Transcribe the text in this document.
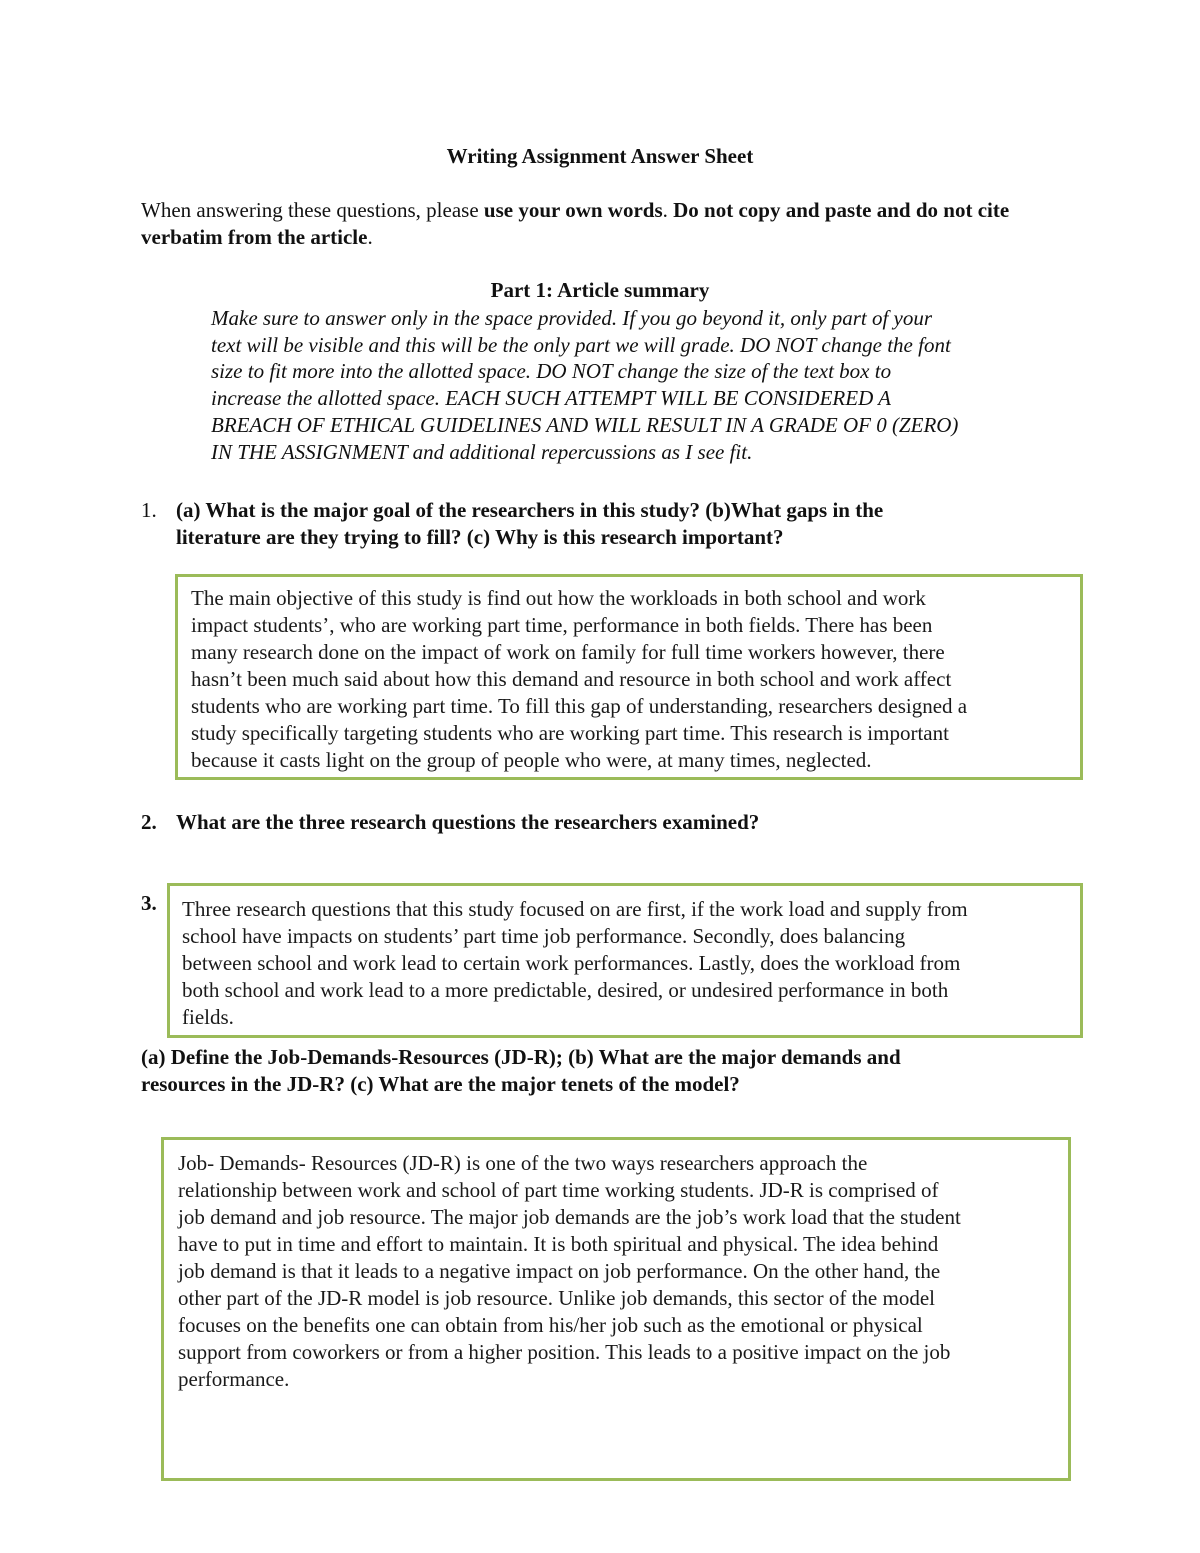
Writing Assignment Answer Sheet
When answering these questions, please use your own words. Do not copy and paste and do not cite verbatim from the article.
Part 1: Article summary
Make sure to answer only in the space provided. If you go beyond it, only part of your
text will be visible and this will be the only part we will grade. DO NOT change the font
size to fit more into the allotted space. DO NOT change the size of the text box to
increase the allotted space. EACH SUCH ATTEMPT WILL BE CONSIDERED A
BREACH OF ETHICAL GUIDELINES AND WILL RESULT IN A GRADE OF 0 (ZERO)
IN THE ASSIGNMENT and additional repercussions as I see fit.
1. (a) What is the major goal of the researchers in this study? (b)What gaps in the
literature are they trying to fill? (c) Why is this research important?
The main objective of this study is find out how the workloads in both school and work
impact students’, who are working part time, performance in both fields. There has been
many research done on the impact of work on family for full time workers however, there
hasn’t been much said about how this demand and resource in both school and work affect
students who are working part time. To fill this gap of understanding, researchers designed a
study specifically targeting students who are working part time. This research is important
because it casts light on the group of people who were, at many times, neglected.
2. What are the three research questions the researchers examined?
3.	Three research questions that this study focused on are first, if the work load and supply from
school have impacts on students’ part time job performance. Secondly, does balancing
between school and work lead to certain work performances. Lastly, does the workload from
both school and work lead to a more predictable, desired, or undesired performance in both
fields.
(a) Define the Job-Demands-Resources (JD-R); (b) What are the major demands and
resources in the JD-R? (c) What are the major tenets of the model?
Job- Demands- Resources (JD-R) is one of the two ways researchers approach the
relationship between work and school of part time working students. JD-R is comprised of
job demand and job resource. The major job demands are the job’s work load that the student
have to put in time and effort to maintain. It is both spiritual and physical. The idea behind
job demand is that it leads to a negative impact on job performance. On the other hand, the
other part of the JD-R model is job resource. Unlike job demands, this sector of the model
focuses on the benefits one can obtain from his/her job such as the emotional or physical
support from coworkers or from a higher position. This leads to a positive impact on the job
performance.
